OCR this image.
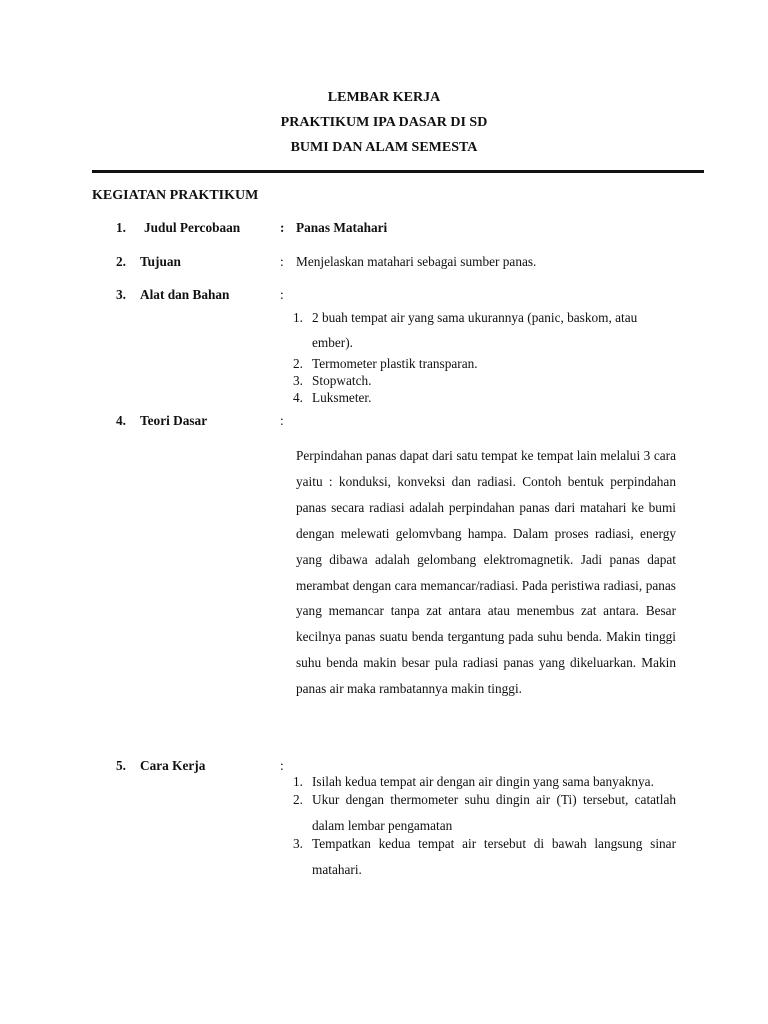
LEMBAR KERJA
PRAKTIKUM IPA DASAR DI SD
BUMI DAN ALAM SEMESTA
KEGIATAN PRAKTIKUM
1. Judul Percobaan	: Panas Matahari
2. Tujuan	: Menjelaskan matahari sebagai sumber panas.
3. Alat dan Bahan	:
1. 2 buah tempat air yang sama ukurannya (panic, baskom, atau ember).
2. Termometer plastik transparan.
3. Stopwatch.
4. Luksmeter.
4. Teori Dasar	:
Perpindahan panas dapat dari satu tempat ke tempat lain melalui 3 cara yaitu : konduksi, konveksi dan radiasi. Contoh bentuk perpindahan panas secara radiasi adalah perpindahan panas dari matahari ke bumi dengan melewati gelomvbang hampa. Dalam proses radiasi, energy yang dibawa adalah gelombang elektromagnetik. Jadi panas dapat merambat dengan cara memancar/radiasi. Pada peristiwa radiasi, panas yang memancar tanpa zat antara atau menembus zat antara. Besar kecilnya panas suatu benda tergantung pada suhu benda. Makin tinggi suhu benda makin besar pula radiasi panas yang dikeluarkan. Makin panas air maka rambatannya makin tinggi.
5. Cara Kerja	:
1. Isilah kedua tempat air dengan air dingin yang sama banyaknya.
2. Ukur dengan thermometer suhu dingin air (Ti) tersebut, catatlah dalam lembar pengamatan
3. Tempatkan kedua tempat air tersebut di bawah langsung sinar matahari.
